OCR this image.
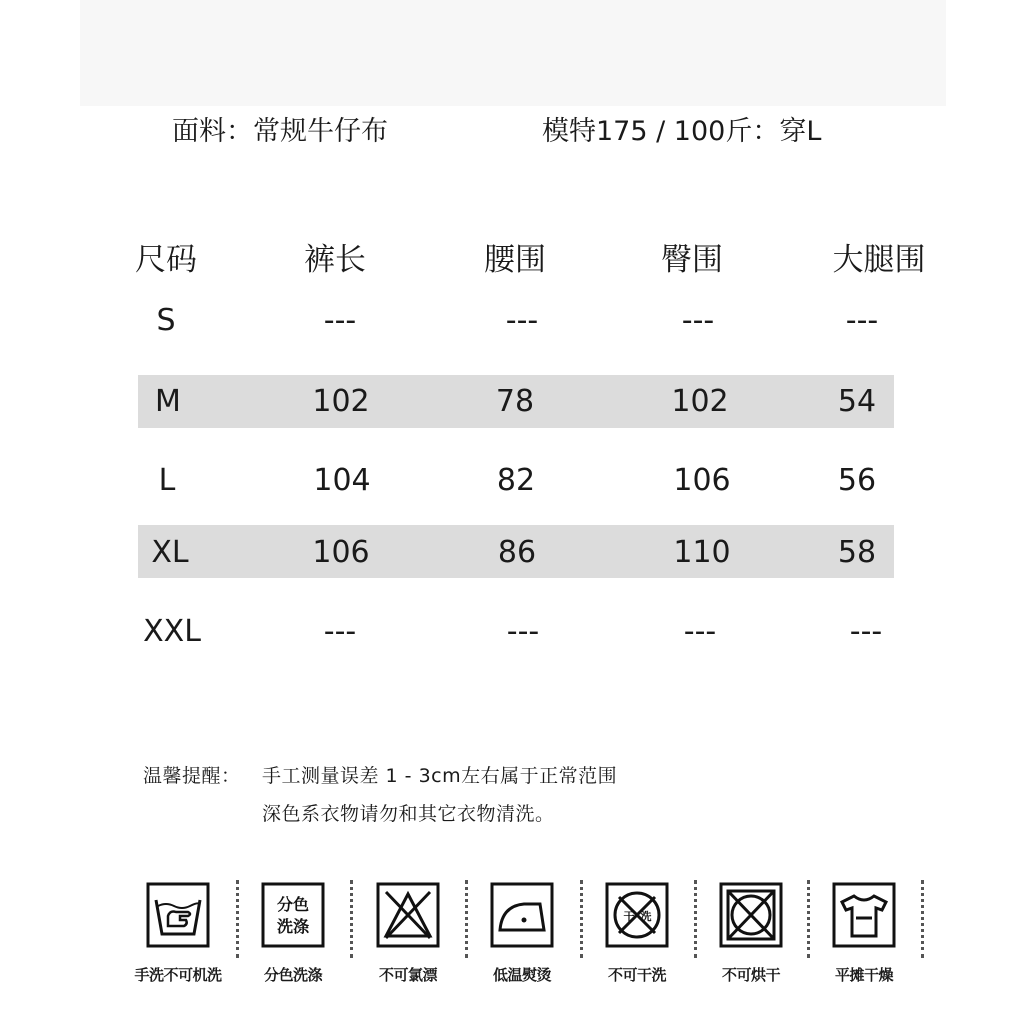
面料：常规牛仔布	模特175 / 100斤：穿L
尺码	裤长	腰围	臀围	大腿围
S	---	---	---	---
M	102	78	102	54
L	104	82	106	56
XL	106	86	110	58
XXL	---	---	---	---
温馨提醒： 手工测量误差 1 - 3cm左右属于正常范围
深色系衣物请勿和其它衣物清洗。
手洗不可机洗
分色
洗涤
分色洗涤	不可氯漂	低温熨烫
干 洗
不可干洗	不可烘干	平摊干燥
